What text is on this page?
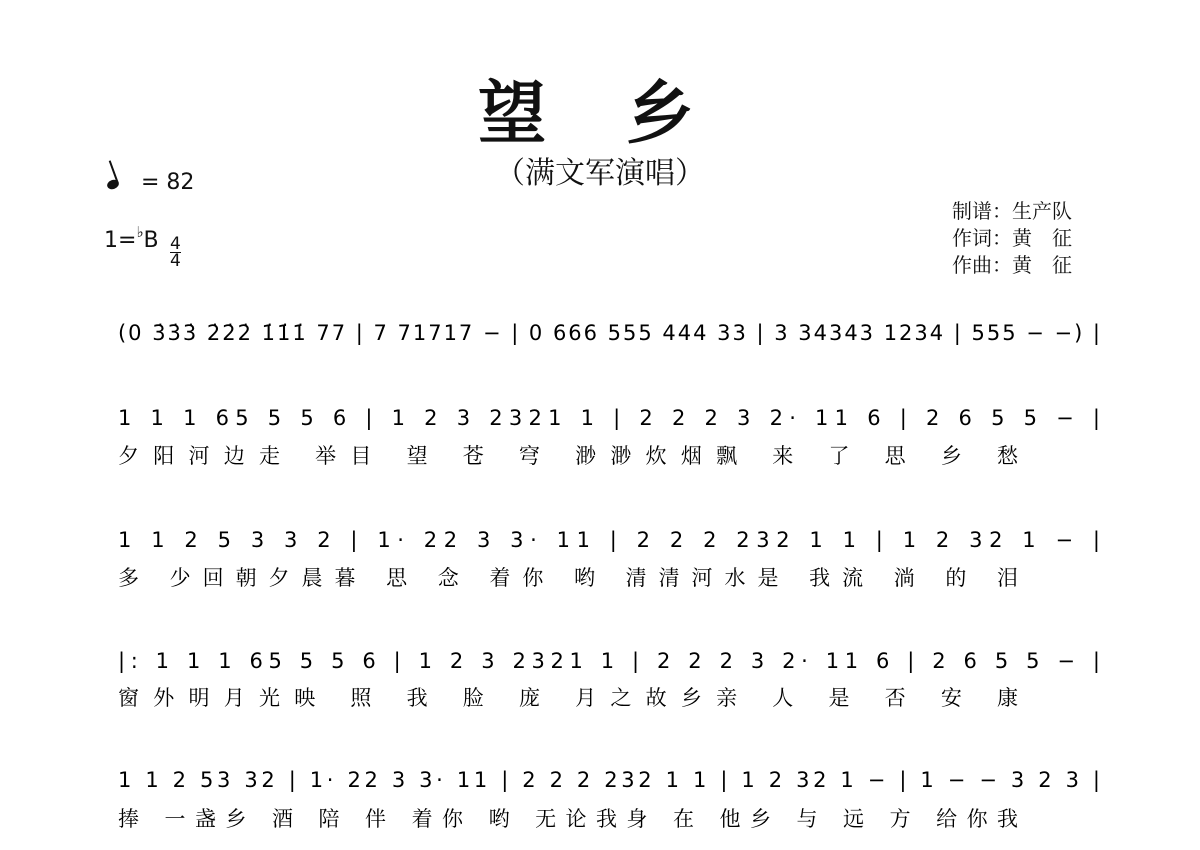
望 乡
（满文军演唱）
= 82
1=♭B 4
4
制谱：生产队
作词：黄　征
作曲：黄　征
(0 3̇3̇3̇ 2̇2̇2̇ 1̇1̇1̇ 77 | 7 71717 − | 0 666 555 444 33 | 3 34343 1234 | 555 − −) |
1 1 1 65 5 5 6 | 1 2 3 2321 1 | 2 2 2 3 2· 11 6 | 2 6 5 5 − |
夕阳河边走 举目 望 苍 穹 渺渺炊烟飘 来 了 思 乡 愁
1 1 2 5 3 3 2 | 1· 22 3 3· 11 | 2 2 2 232 1 1 | 1 2 32 1 − |
多 少回朝夕晨暮 思 念 着你 哟 清清河水是 我流 淌 的 泪
|: 1 1 1 65 5 5 6 | 1 2 3 2321 1 | 2 2 2 3 2· 11 6 | 2 6 5 5 − |
窗外明月光映 照 我 脸 庞 月之故乡亲 人 是 否 安 康
1 1 2 53 32 | 1· 22 3 3· 11 | 2 2 2 232 1 1 | 1 2 32 1 − | 1 − − 3 2 3 |
捧 一盏乡 酒 陪 伴 着你 哟 无论我身 在 他乡 与 远 方 给你我
